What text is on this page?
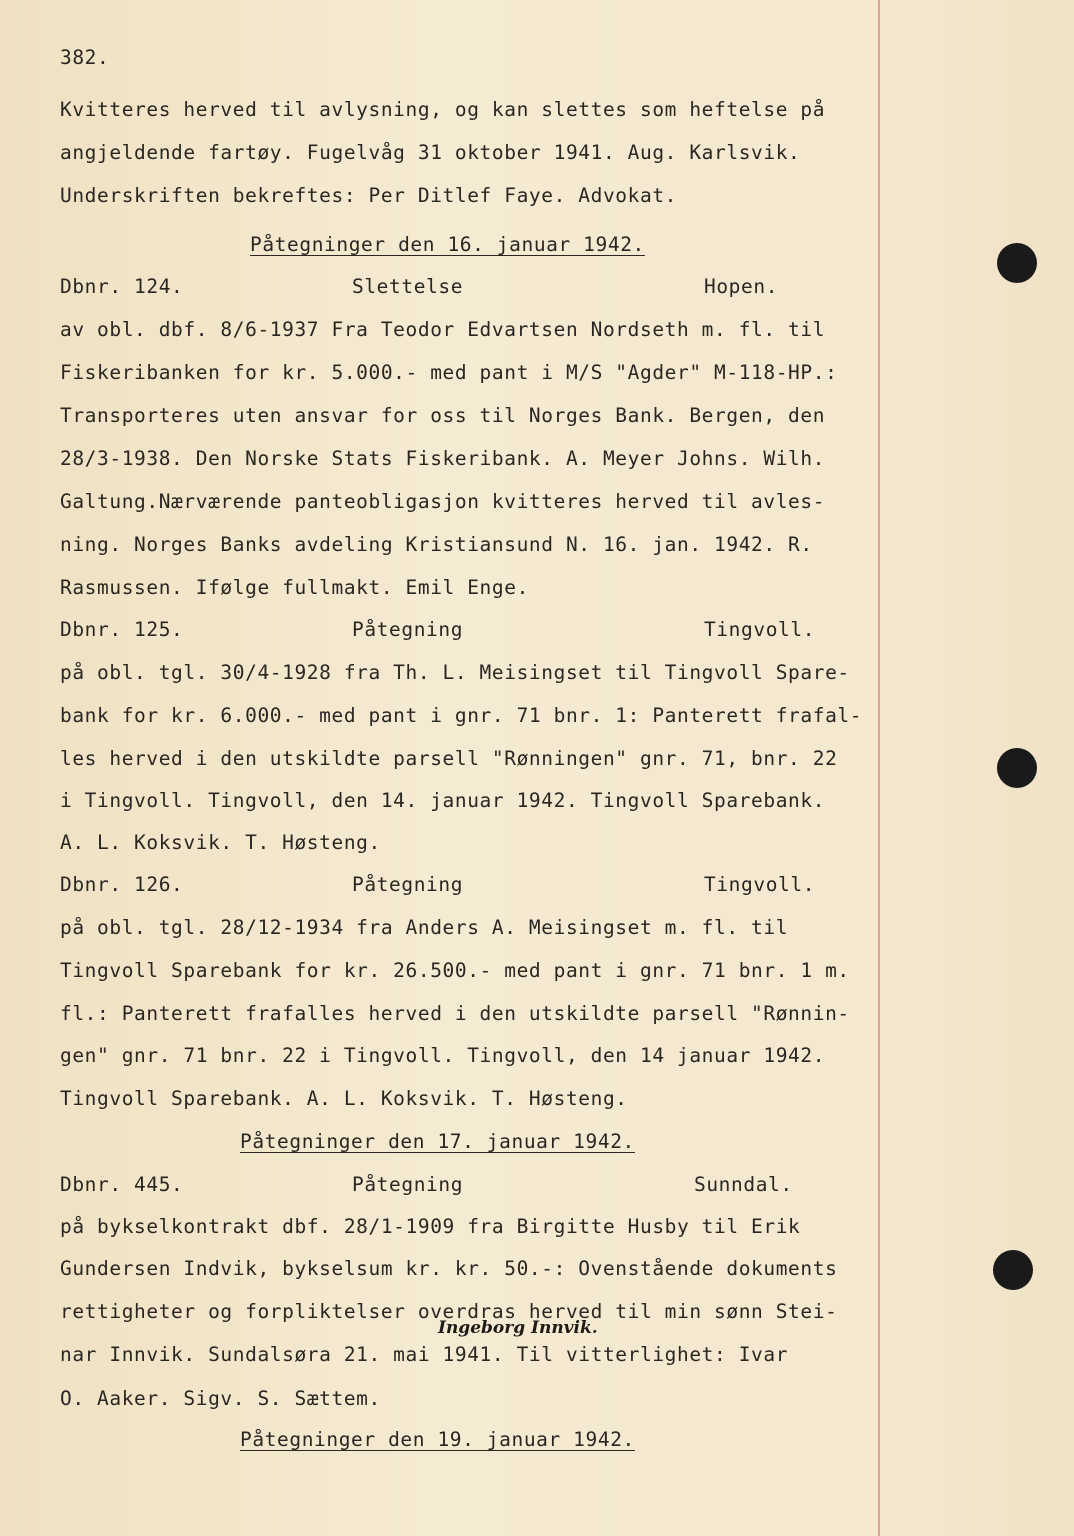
382.
Kvitteres herved til avlysning, og kan slettes som heftelse på
angjeldende fartøy. Fugelvåg 31 oktober 1941. Aug. Karlsvik.
Underskriften bekreftes: Per Ditlef Faye. Advokat.
Påtegninger den 16. januar 1942.
Dbnr. 124.	Slettelse	Hopen.
av obl. dbf. 8/6-1937 Fra Teodor Edvartsen Nordseth m. fl. til
Fiskeribanken for kr. 5.000.- med pant i M/S "Agder" M-118-HP.:
Transporteres uten ansvar for oss til Norges Bank. Bergen, den
28/3-1938. Den Norske Stats Fiskeribank. A. Meyer Johns. Wilh.
Galtung.Nærværende panteobligasjon kvitteres herved til avles-
ning. Norges Banks avdeling Kristiansund N. 16. jan. 1942. R.
Rasmussen. Ifølge fullmakt. Emil Enge.
Dbnr. 125.	Påtegning	Tingvoll.
på obl. tgl. 30/4-1928 fra Th. L. Meisingset til Tingvoll Spare-
bank for kr. 6.000.- med pant i gnr. 71 bnr. 1: Panterett frafal-
les herved i den utskildte parsell "Rønningen" gnr. 71, bnr. 22
i Tingvoll. Tingvoll, den 14. januar 1942. Tingvoll Sparebank.
A. L. Koksvik. T. Høsteng.
Dbnr. 126.	Påtegning	Tingvoll.
på obl. tgl. 28/12-1934 fra Anders A. Meisingset m. fl. til
Tingvoll Sparebank for kr. 26.500.- med pant i gnr. 71 bnr. 1 m.
fl.: Panterett frafalles herved i den utskildte parsell "Rønnin-
gen" gnr. 71 bnr. 22 i Tingvoll. Tingvoll, den 14 januar 1942.
Tingvoll Sparebank. A. L. Koksvik. T. Høsteng.
Påtegninger den 17. januar 1942.
Dbnr. 445.	Påtegning	Sunndal.
på bykselkontrakt dbf. 28/1-1909 fra Birgitte Husby til Erik
Gundersen Indvik, bykselsum kr. kr. 50.-: Ovenstående dokuments
rettigheter og forpliktelser overdras herved til min sønn Stei-
Ingeborg Innvik.
nar Innvik. Sundalsøra 21. mai 1941. Til vitterlighet: Ivar
O. Aaker. Sigv. S. Sættem.
Påtegninger den 19. januar 1942.
